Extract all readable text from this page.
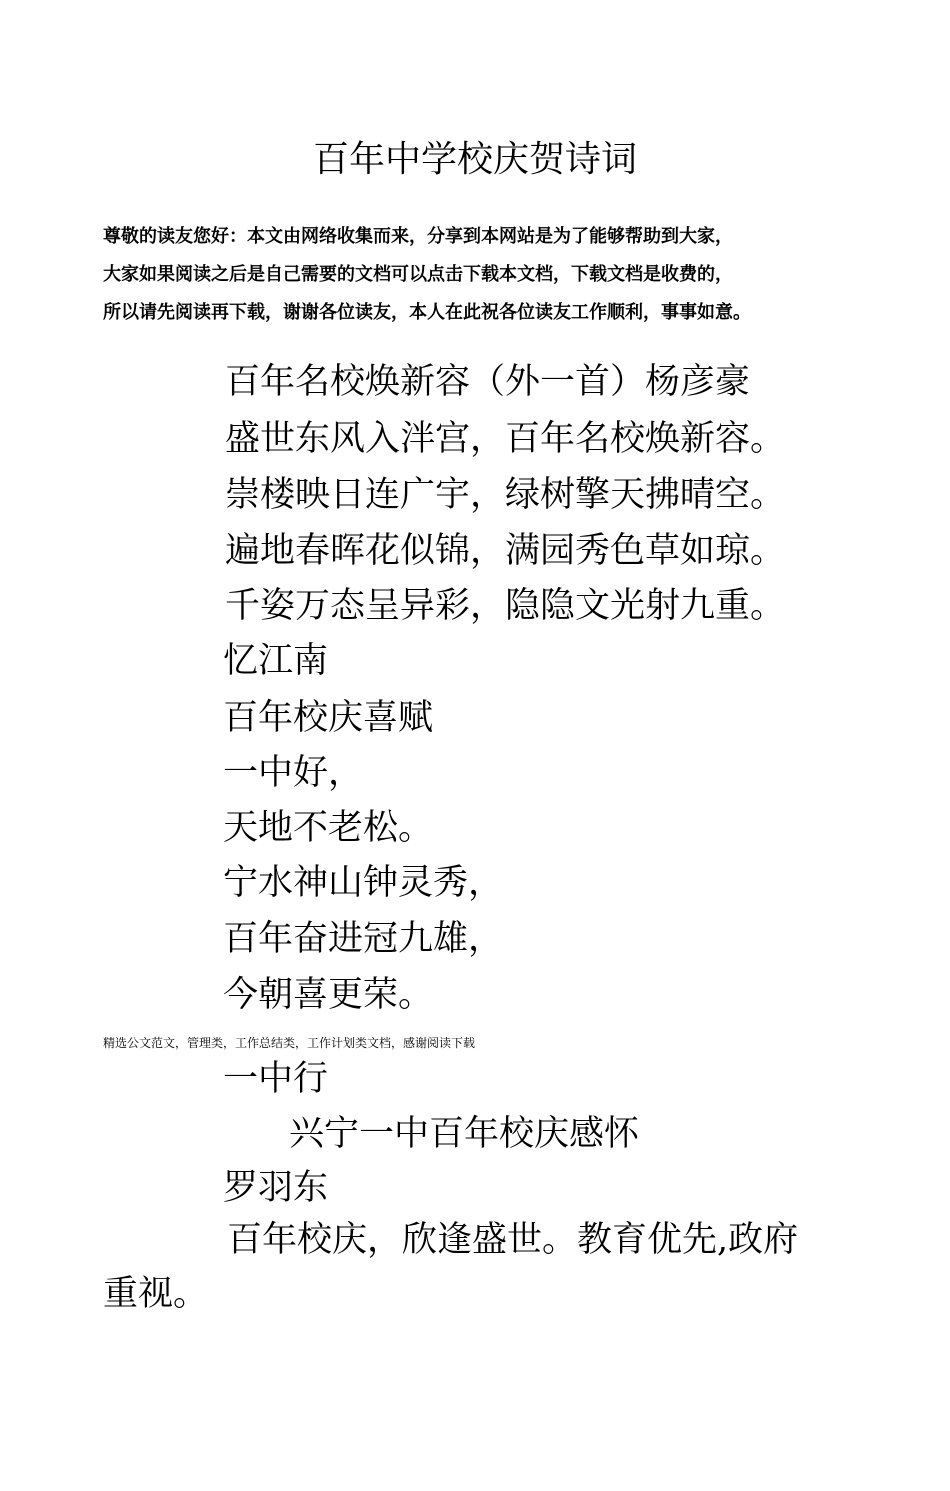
百年中学校庆贺诗词
尊敬的读友您好：本文由网络收集而来，分享到本网站是为了能够帮助到大家，
大家如果阅读之后是自己需要的文档可以点击下载本文档，下载文档是收费的，
所以请先阅读再下载，谢谢各位读友，本人在此祝各位读友工作顺利，事事如意。
百年名校焕新容（外一首）杨彦豪
盛世东风入泮宫，百年名校焕新容。
崇楼映日连广宇，绿树擎天拂晴空。
遍地春晖花似锦，满园秀色草如琼。
千姿万态呈异彩，隐隐文光射九重。
忆江南
百年校庆喜赋
一中好，
天地不老松。
宁水神山钟灵秀，
百年奋进冠九雄，
今朝喜更荣。
精选公文范文，管理类，工作总结类，工作计划类文档，感谢阅读下载
一中行
兴宁一中百年校庆感怀
罗羽东
百年校庆，欣逢盛世。教育优先,政府
重视。
